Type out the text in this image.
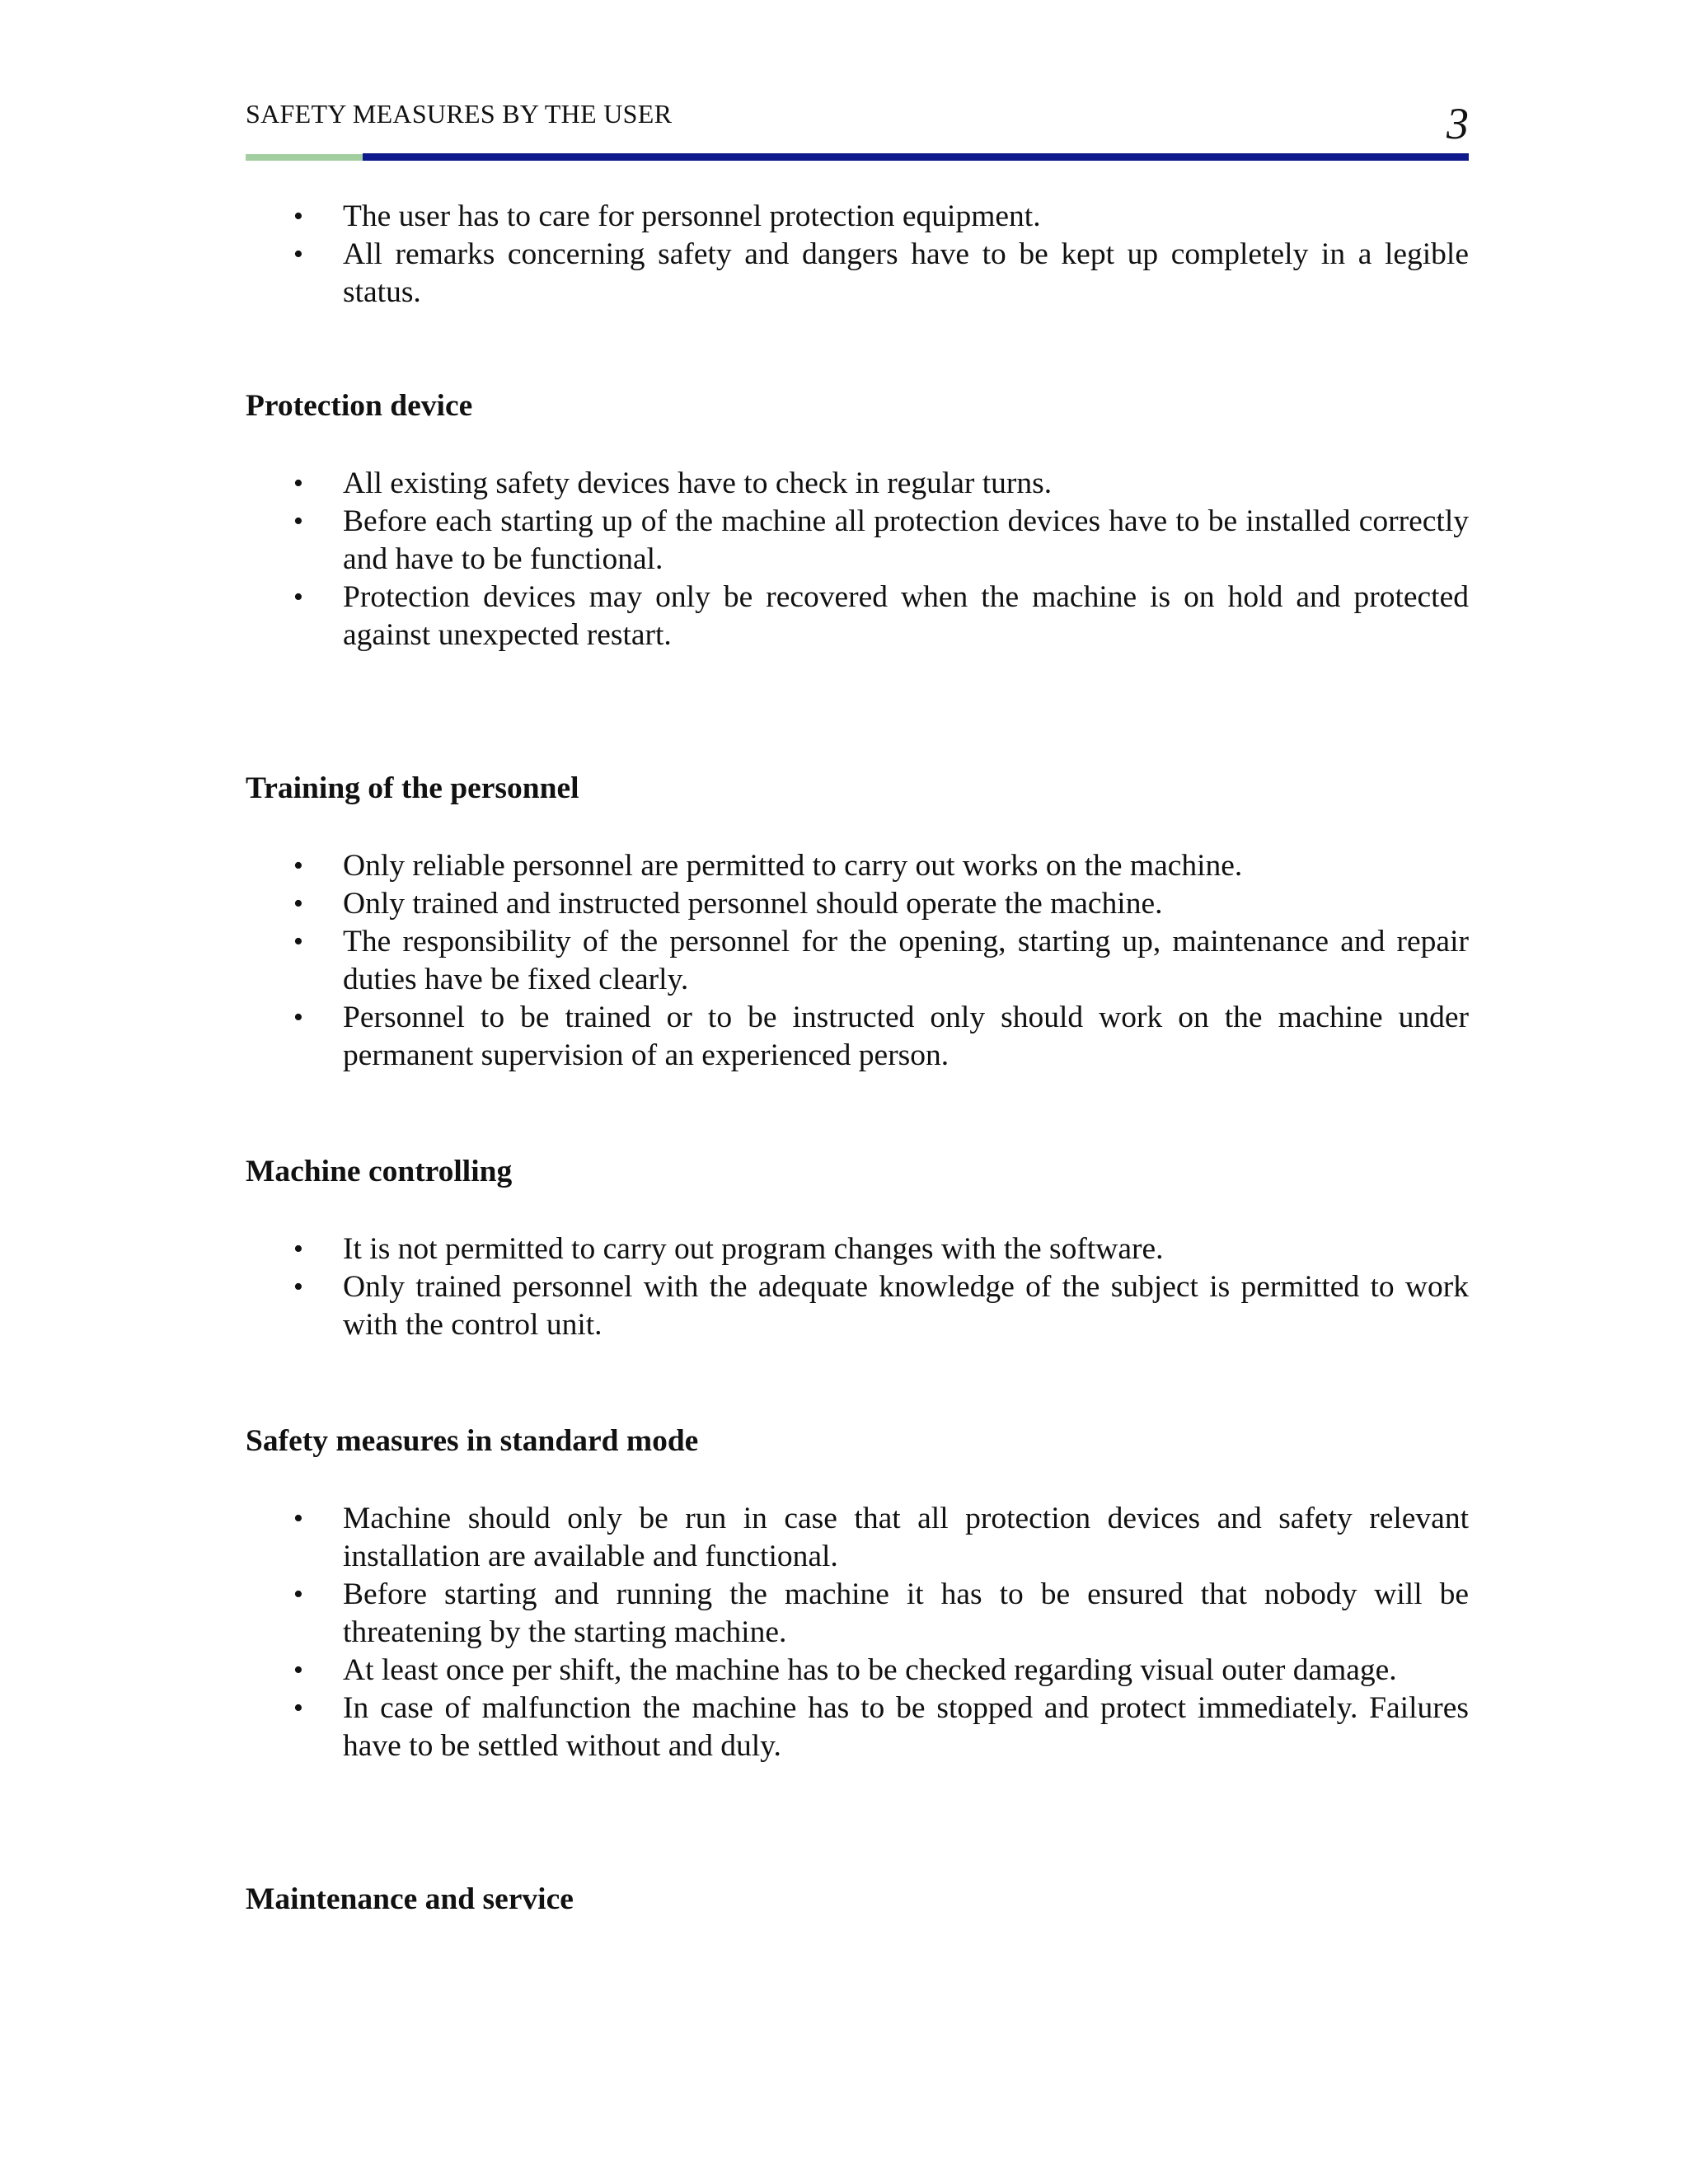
SAFETY MEASURES BY THE USER	3
•	The user has to care for personnel protection equipment.
•	All remarks concerning safety and dangers have to be kept up completely in a legible status.
Protection device
•	All existing safety devices have to check in regular turns.
•	Before each starting up of the machine all protection devices have to be installed correctly and have to be functional.
•	Protection devices may only be recovered when the machine is on hold and protected against unexpected restart.
Training of the personnel
•	Only reliable personnel are permitted to carry out works on the machine.
•	Only trained and instructed personnel should operate the machine.
•	The responsibility of the personnel for the opening, starting up, maintenance and repair duties have be fixed clearly.
•	Personnel to be trained or to be instructed only should work on the machine under permanent supervision of an experienced person.
Machine controlling
•	It is not permitted to carry out program changes with the software.
•	Only trained personnel with the adequate knowledge of the subject is permitted to work with the control unit.
Safety measures in standard mode
•	Machine should only be run in case that all protection devices and safety relevant installation are available and functional.
•	Before starting and running the machine it has to be ensured that nobody will be threatening by the starting machine.
•	At least once per shift, the machine has to be checked regarding visual outer damage.
•	In case of malfunction the machine has to be stopped and protect immediately. Failures have to be settled without and duly.
Maintenance and service
